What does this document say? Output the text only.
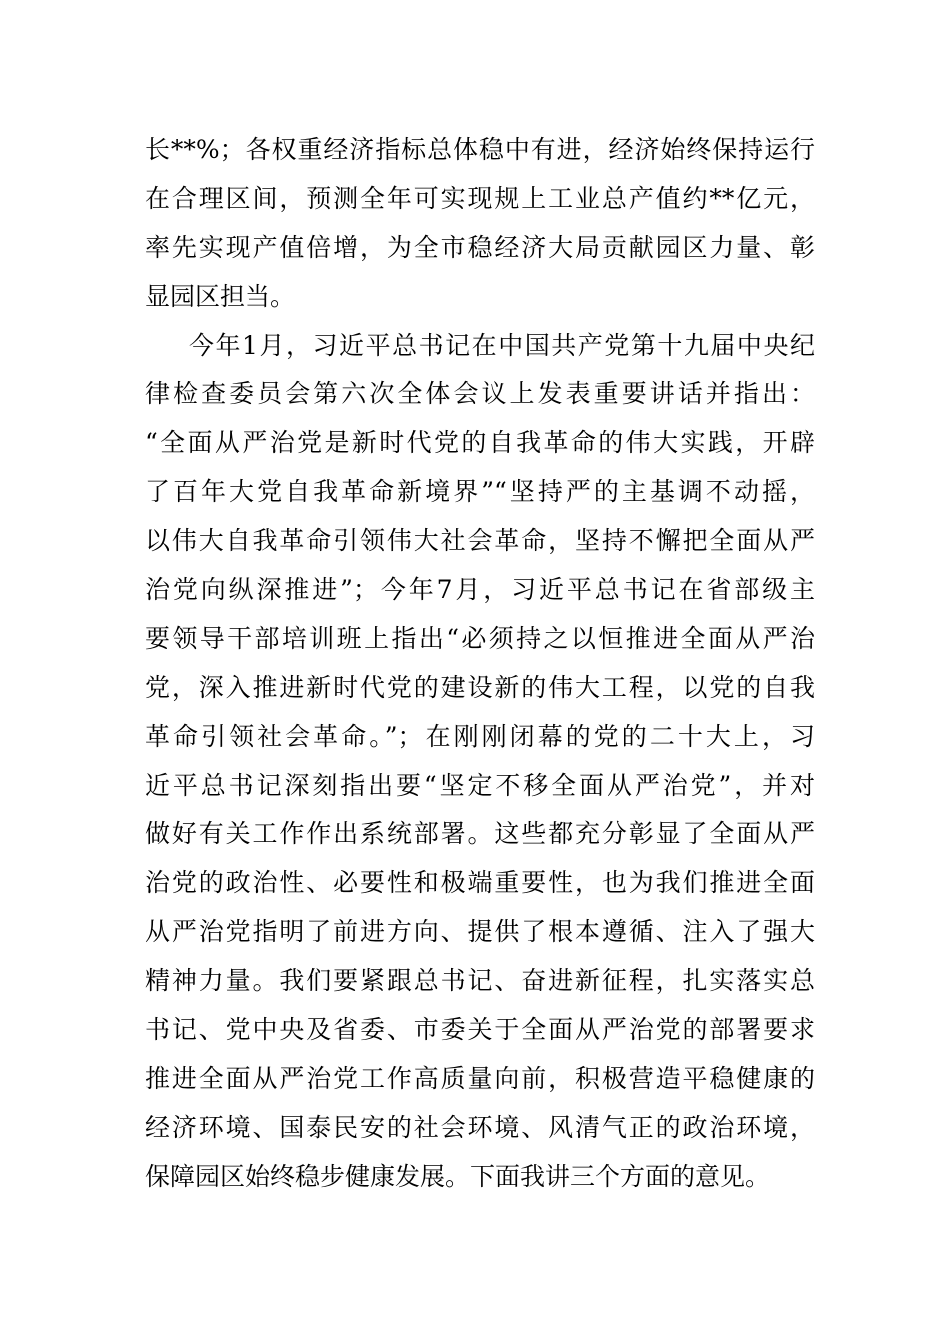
长**%；各权重经济指标总体稳中有进，经济始终保持运行
在合理区间，预测全年可实现规上工业总产值约**亿元，
率先实现产值倍增，为全市稳经济大局贡献园区力量、彰
显园区担当。
今年1月，习近平总书记在中国共产党第十九届中央纪
律检查委员会第六次全体会议上发表重要讲话并指出：
“全面从严治党是新时代党的自我革命的伟大实践，开辟
了百年大党自我革命新境界”“坚持严的主基调不动摇，
以伟大自我革命引领伟大社会革命，坚持不懈把全面从严
治党向纵深推进”；今年7月，习近平总书记在省部级主
要领导干部培训班上指出“必须持之以恒推进全面从严治
党，深入推进新时代党的建设新的伟大工程，以党的自我
革命引领社会革命。”；在刚刚闭幕的党的二十大上，习
近平总书记深刻指出要“坚定不移全面从严治党”，并对
做好有关工作作出系统部署。这些都充分彰显了全面从严
治党的政治性、必要性和极端重要性，也为我们推进全面
从严治党指明了前进方向、提供了根本遵循、注入了强大
精神力量。我们要紧跟总书记、奋进新征程，扎实落实总
书记、党中央及省委、市委关于全面从严治党的部署要求
推进全面从严治党工作高质量向前，积极营造平稳健康的
经济环境、国泰民安的社会环境、风清气正的政治环境，
保障园区始终稳步健康发展。下面我讲三个方面的意见。
